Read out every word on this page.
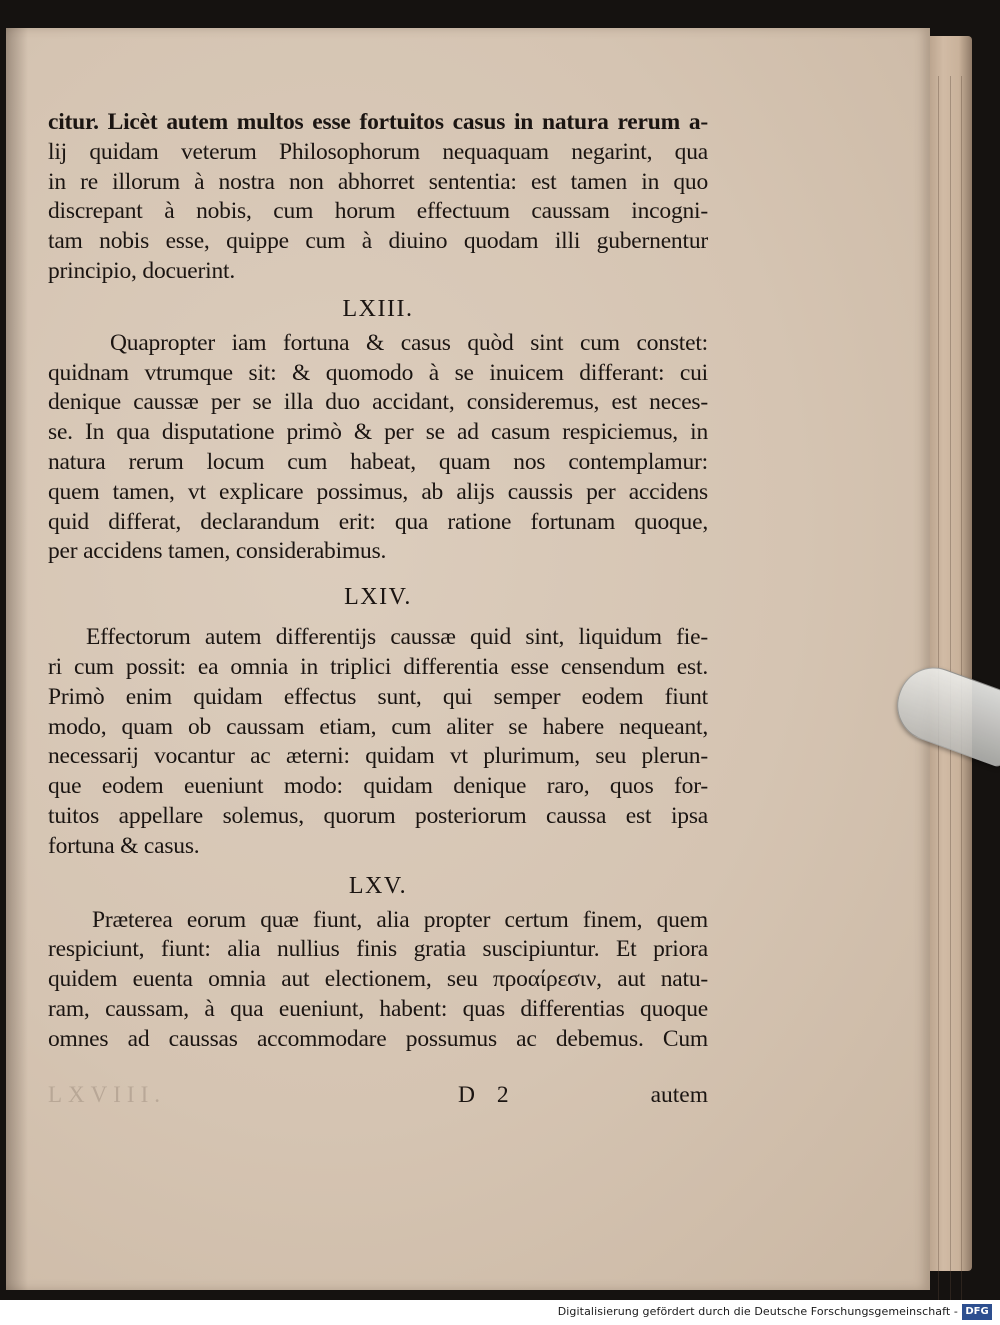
citur. Licèt autem multos esse fortuitos casus in natura rerum a-
lij quidam veterum Philosophorum nequaquam negarint, qua
in re illorum à nostra non abhorret sententia: est tamen in quo
discrepant à nobis, cum horum effectuum caussam incogni-
tam nobis esse, quippe cum à diuino quodam illi gubernentur
principio, docuerint.
LXIII.
Quapropter iam fortuna & casus quòd sint cum constet:
quidnam vtrumque sit: & quomodo à se inuicem differant: cui
denique caussæ per se illa duo accidant, consideremus, est neces-
se. In qua disputatione primò & per se ad casum respiciemus, in
natura rerum locum cum habeat, quam nos contemplamur:
quem tamen, vt explicare possimus, ab alijs caussis per accidens
quid differat, declarandum erit: qua ratione fortunam quoque,
per accidens tamen, considerabimus.
LXIV.
Effectorum autem differentijs caussæ quid sint, liquidum fie-
ri cum possit: ea omnia in triplici differentia esse censendum est.
Primò enim quidam effectus sunt, qui semper eodem fiunt
modo, quam ob caussam etiam, cum aliter se habere nequeant,
necessarij vocantur ac æterni: quidam vt plurimum, seu plerun-
que eodem eueniunt modo: quidam denique raro, quos for-
tuitos appellare solemus, quorum posteriorum caussa est ipsa
fortuna & casus.
LXV.
Præterea eorum quæ fiunt, alia propter certum finem, quem
respiciunt, fiunt: alia nullius finis gratia suscipiuntur. Et priora
quidem euenta omnia aut electionem, seu προαίρεσιν, aut natu-
ram, caussam, à qua eueniunt, habent: quas differentias quoque
omnes ad caussas accommodare possumus ac debemus. Cum
LXVIII.	D 2	autem
Digitalisierung gefördert durch die Deutsche Forschungsgemeinschaft - DFG
